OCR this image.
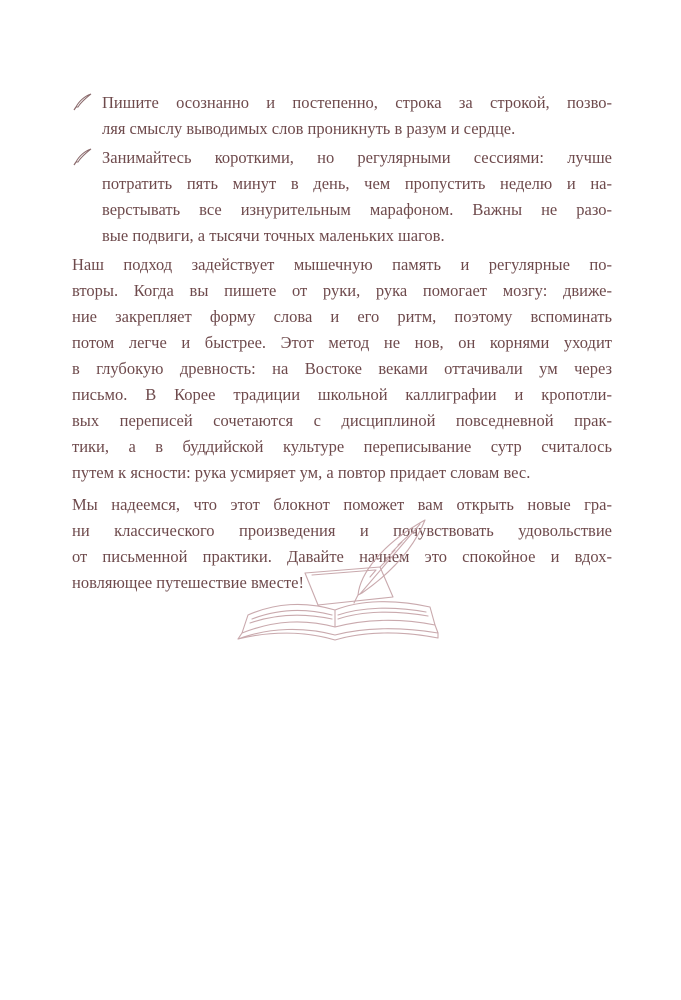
Пишите осознанно и постепенно, строка за строкой, позво-
ляя смыслу выводимых слов проникнуть в разум и сердце.
Занимайтесь короткими, но регулярными сессиями: лучше
потратить пять минут в день, чем пропустить неделю и на-
верстывать все изнурительным марафоном. Важны не разо-
вые подвиги, а тысячи точных маленьких шагов.
Наш подход задействует мышечную память и регулярные по-
вторы. Когда вы пишете от руки, рука помогает мозгу: движе-
ние закрепляет форму слова и его ритм, поэтому вспоминать
потом легче и быстрее. Этот метод не нов, он корнями уходит
в глубокую древность: на Востоке веками оттачивали ум через
письмо. В Корее традиции школьной каллиграфии и кропотли-
вых переписей сочетаются с дисциплиной повседневной прак-
тики, а в буддийской культуре переписывание сутр считалось
путем к ясности: рука усмиряет ум, а повтор придает словам вес.
Мы надеемся, что этот блокнот поможет вам открыть новые гра-
ни классического произведения и почувствовать удовольствие
от письменной практики. Давайте начнем это спокойное и вдох-
новляющее путешествие вместе!
